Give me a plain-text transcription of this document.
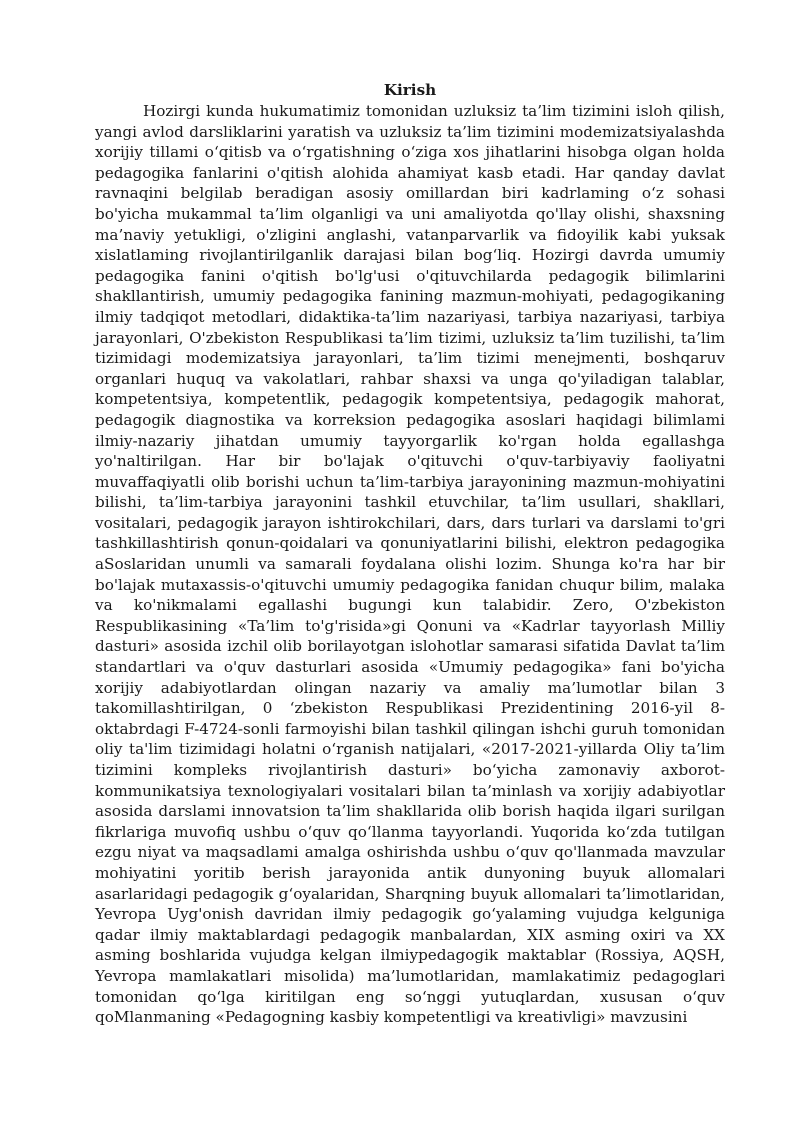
Kirish

Hozirgi kunda hukumatimiz tomonidan uzluksiz ta’lim tizimini isloh qilish, yangi avlod darsliklarini yaratish va uzluksiz ta’lim tizimini modemizatsiyalashda xorijiy tillami o‘qitisb va o‘rgatishning o‘ziga xos jihatlarini hisobga olgan holda pedagogika fanlarini o'qitish alohida ahamiyat kasb etadi. Har qanday davlat ravnaqini belgilab beradigan asosiy omillardan biri kadrlaming o‘z sohasi bo'yicha mukammal ta’lim olganligi va uni amaliyotda qo'llay olishi, shaxsning ma’naviy yetukligi, o'zligini anglashi, vatanparvarlik va fidoyilik kabi yuksak xislatlaming rivojlantirilganlik darajasi bilan bog‘liq. Hozirgi davrda umumiy pedagogika fanini o'qitish bo'lg'usi o'qituvchilarda pedagogik bilimlarini shakllantirish, umumiy pedagogika fanining mazmun-mohiyati, pedagogikaning ilmiy tadqiqot metodlari, didaktika-ta’lim nazariyasi, tarbiya nazariyasi, tarbiya jarayonlari, O'zbekiston Respublikasi ta’lim tizimi, uzluksiz ta’lim tuzilishi, ta’lim tizimidagi modemizatsiya jarayonlari, ta’lim tizimi menejmenti, boshqaruv organlari huquq va vakolatlari, rahbar shaxsi va unga qo'yiladigan talablar, kompetentsiya, kompetentlik, pedagogik kompetentsiya, pedagogik mahorat, pedagogik diagnostika va korreksion pedagogika asoslari haqidagi bilimlami ilmiy-nazariy jihatdan umumiy tayyorgarlik ko'rgan holda egallashga yo'naltirilgan. Har bir bo'lajak o'qituvchi o'quv-tarbiyaviy faoliyatni muvaffaqiyatli olib borishi uchun ta’lim-tarbiya jarayonining mazmun-mohiyatini bilishi, ta’lim-tarbiya jarayonini tashkil etuvchilar, ta’lim usullari, shakllari, vositalari, pedagogik jarayon ishtirokchilari, dars, dars turlari va darslami to'gri tashkillashtirish qonun-qoidalari va qonuniyatlarini bilishi, elektron pedagogika aSoslaridan unumli va samarali foydalana olishi lozim. Shunga ko'ra har bir bo'lajak mutaxassis-o'qituvchi umumiy pedagogika fanidan chuqur bilim, malaka va ko'nikmalami egallashi bugungi kun talabidir. Zero, O'zbekiston Respublikasining «Ta’lim to'g'risida»gi Qonuni va «Kadrlar tayyorlash Milliy dasturi» asosida izchil olib borilayotgan islohotlar samarasi sifatida Davlat ta’lim standartlari va o'quv dasturlari asosida «Umumiy pedagogika» fani bo'yicha xorijiy adabiyotlardan olingan nazariy va amaliy ma’lumotlar bilan 3 takomillashtirilgan, 0 ‘zbekiston Respublikasi Prezidentining 2016-yil 8-oktabrdagi F-4724-sonli farmoyishi bilan tashkil qilingan ishchi guruh tomonidan oliy ta'lim tizimidagi holatni o‘rganish natijalari, «2017-2021-yillarda Oliy ta’lim tizimini kompleks rivojlantirish dasturi» bo‘yicha zamonaviy axborot-kommunikatsiya texnologiyalari vositalari bilan ta’minlash va xorijiy adabiyotlar asosida darslami innovatsion ta’lim shakllarida olib borish haqida ilgari surilgan fikrlariga muvofiq ushbu o‘quv qo‘llanma tayyorlandi. Yuqorida ko‘zda tutilgan ezgu niyat va maqsadlami amalga oshirishda ushbu o‘quv qo'llanmada mavzular mohiyatini yoritib berish jarayonida antik dunyoning buyuk allomalari asarlaridagi pedagogik g‘oyalaridan, Sharqning buyuk allomalari ta’limotlaridan, Yevropa Uyg'onish davridan ilmiy pedagogik go‘yalaming vujudga kelguniga qadar ilmiy maktablardagi pedagogik manbalardan, XIX asming oxiri va XX asming boshlarida vujudga kelgan ilmiypedagogik maktablar (Rossiya, AQSH, Yevropa mamlakatlari misolida) ma’lumotlaridan, mamlakatimiz pedagoglari tomonidan qo‘lga kiritilgan eng so‘nggi yutuqlardan, xususan o‘quv qoMlanmaning «Pedagogning kasbiy kompetentligi va kreativligi» mavzusini
